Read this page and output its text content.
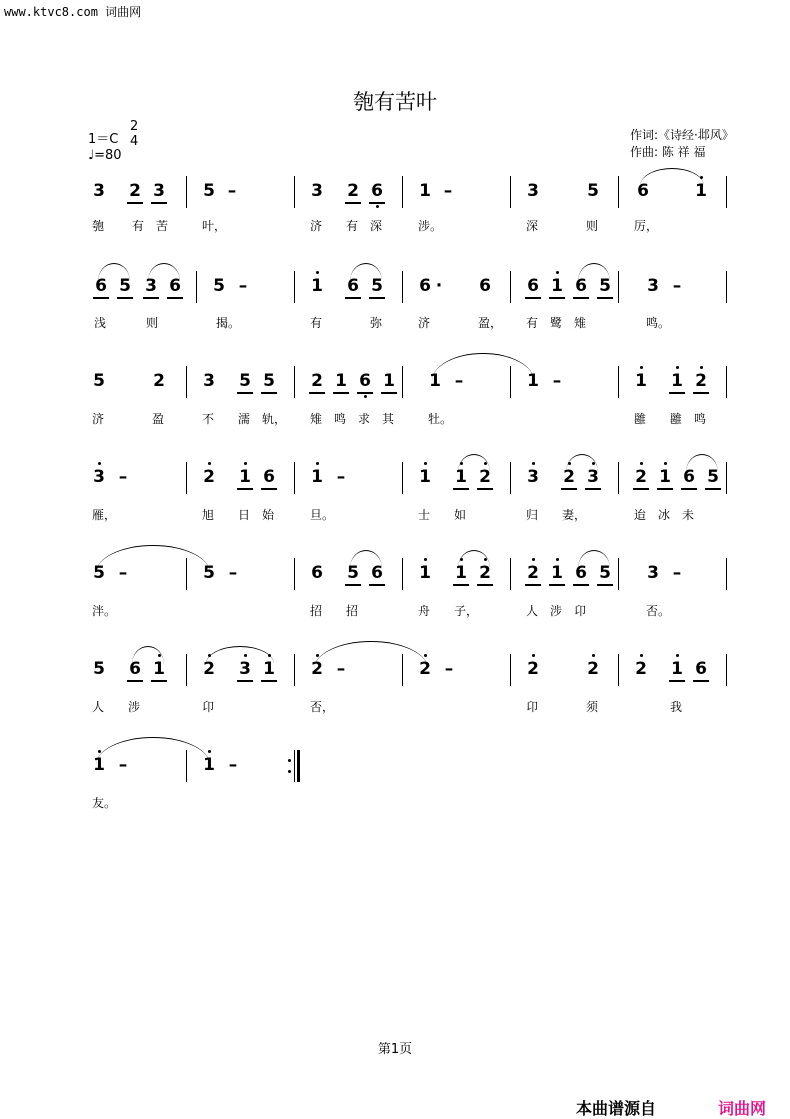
www.ktvc8.com 词曲网
匏有苦叶
1＝C
2
4
♩=80
作词:《诗经·邶风》
作曲: 陈 祥 福
3 2 3 5 –	3 2 6 1 –	3	5 6	1
匏 有 苦	叶，	济 有 深	涉。	深	则	厉，
6 5 3 6 5 –	1 6 5 6 · 6 6 1 6 5 3 –
浅	则	揭。	有	弥	济	盈， 有 鹭 雉	鸣。
5	2 3 5 5 2 1 6 1 1 –	1 –	1 1 2
济	盈	不 濡 轨， 雉 鸣 求 其	牡。	雝 雝 鸣
3 –	2 1 6 1 –	1 1 2 3 2 3 2 1 6 5
雁，	旭 日 始	旦。	士 如	归 妻，	迨 冰 未
5 –	5 –	6 5 6 1 1 2 2 1 6 5 3 –
泮。	招 招	舟 子，	人 涉 卬	否。
5 6 1 2 3 1 2 –	2 –	2	2 2 1 6
人 涉	卬	否，	卬	须	我
1 –	1 –
友。
第1页
本曲谱源自	词曲网
